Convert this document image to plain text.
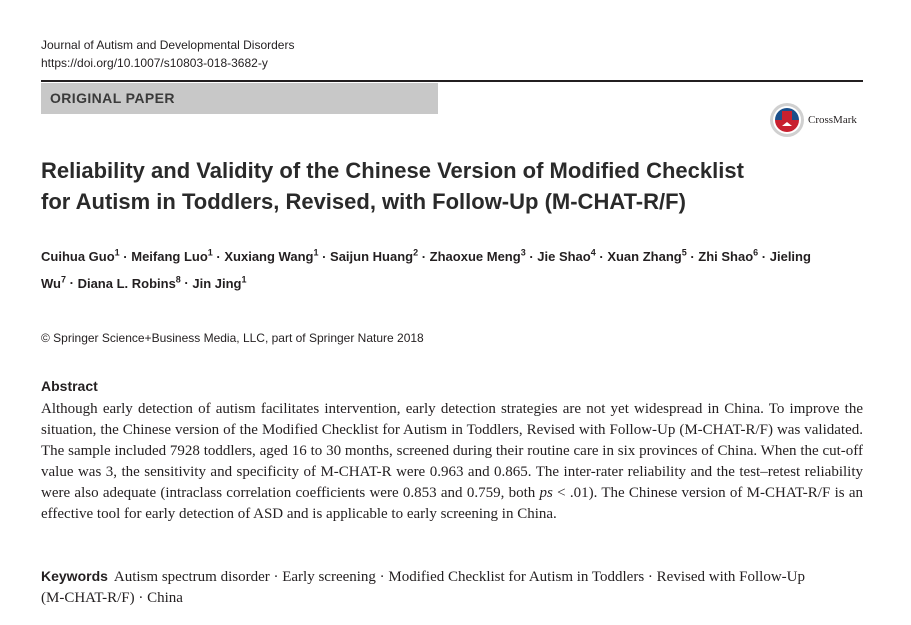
Journal of Autism and Developmental Disorders
https://doi.org/10.1007/s10803-018-3682-y
ORIGINAL PAPER
CrossMark
Reliability and Validity of the Chinese Version of Modified Checklist
for Autism in Toddlers, Revised, with Follow-Up (M-CHAT-R/F)
Cuihua Guo$^1$ · Meifang Luo$^1$ · Xuxiang Wang$^1$ · Saijun Huang$^2$ · Zhaoxue Meng$^3$ · Jie Shao$^4$ · Xuan Zhang$^5$ · Zhi Shao$^6$ · Jieling $Wu^7$ · Diana L. Robins$^8$ · Jin Jing$^1$
© Springer Science+Business Media, LLC, part of Springer Nature 2018
Abstract
Although early detection of autism facilitates intervention, early detection strategies are not yet widespread in China. To improve the situation, the Chinese version of the Modified Checklist for Autism in Toddlers, Revised with Follow-Up (M-CHAT-R/F) was validated. The sample included 7928 toddlers, aged 16 to 30 months, screened during their routine care in six provinces of China. When the cut-off value was 3, the sensitivity and specificity of M-CHAT-R were 0.963 and 0.865. The inter-rater reliability and the test–retest reliability were also adequate (intraclass correlation coefficients were 0.853 and 0.759, both ps < .01). The Chinese version of M-CHAT-R/F is an effective tool for early detection of ASD and is applicable to early screening in China.
Keywords Autism spectrum disorder · Early screening · Modified Checklist for Autism in Toddlers · Revised with Follow-Up (M-CHAT-R/F) · China
